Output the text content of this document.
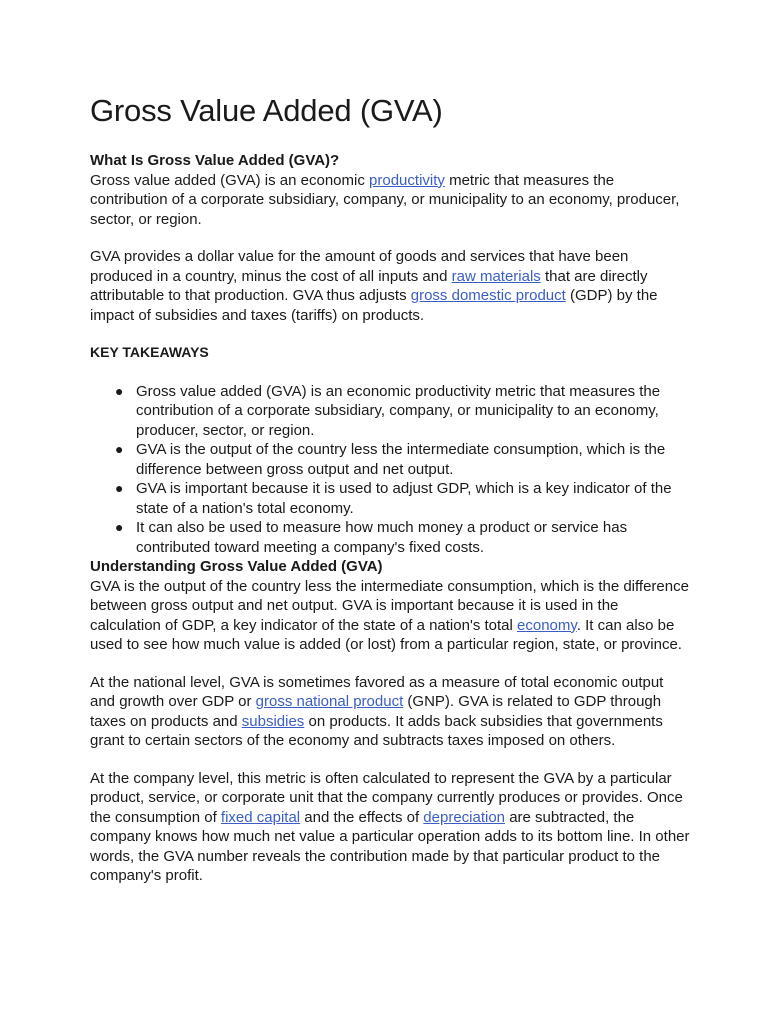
Gross Value Added (GVA)
What Is Gross Value Added (GVA)?

Gross value added (GVA) is an economic productivity metric that measures the contribution of a corporate subsidiary, company, or municipality to an economy, producer, sector, or region.

GVA provides a dollar value for the amount of goods and services that have been produced in a country, minus the cost of all inputs and raw materials that are directly attributable to that production. GVA thus adjusts gross domestic product (GDP) by the impact of subsidies and taxes (tariffs) on products.

KEY TAKEAWAYS
● Gross value added (GVA) is an economic productivity metric that measures the contribution of a corporate subsidiary, company, or municipality to an economy, producer, sector, or region.
● GVA is the output of the country less the intermediate consumption, which is the difference between gross output and net output.
● GVA is important because it is used to adjust GDP, which is a key indicator of the state of a nation's total economy.
● It can also be used to measure how much money a product or service has contributed toward meeting a company's fixed costs.
Understanding Gross Value Added (GVA)

GVA is the output of the country less the intermediate consumption, which is the difference between gross output and net output. GVA is important because it is used in the calculation of GDP, a key indicator of the state of a nation's total economy. It can also be used to see how much value is added (or lost) from a particular region, state, or province.

At the national level, GVA is sometimes favored as a measure of total economic output and growth over GDP or gross national product (GNP). GVA is related to GDP through taxes on products and subsidies on products. It adds back subsidies that governments grant to certain sectors of the economy and subtracts taxes imposed on others.

At the company level, this metric is often calculated to represent the GVA by a particular product, service, or corporate unit that the company currently produces or provides. Once the consumption of fixed capital and the effects of depreciation are subtracted, the company knows how much net value a particular operation adds to its bottom line. In other words, the GVA number reveals the contribution made by that particular product to the company's profit.
